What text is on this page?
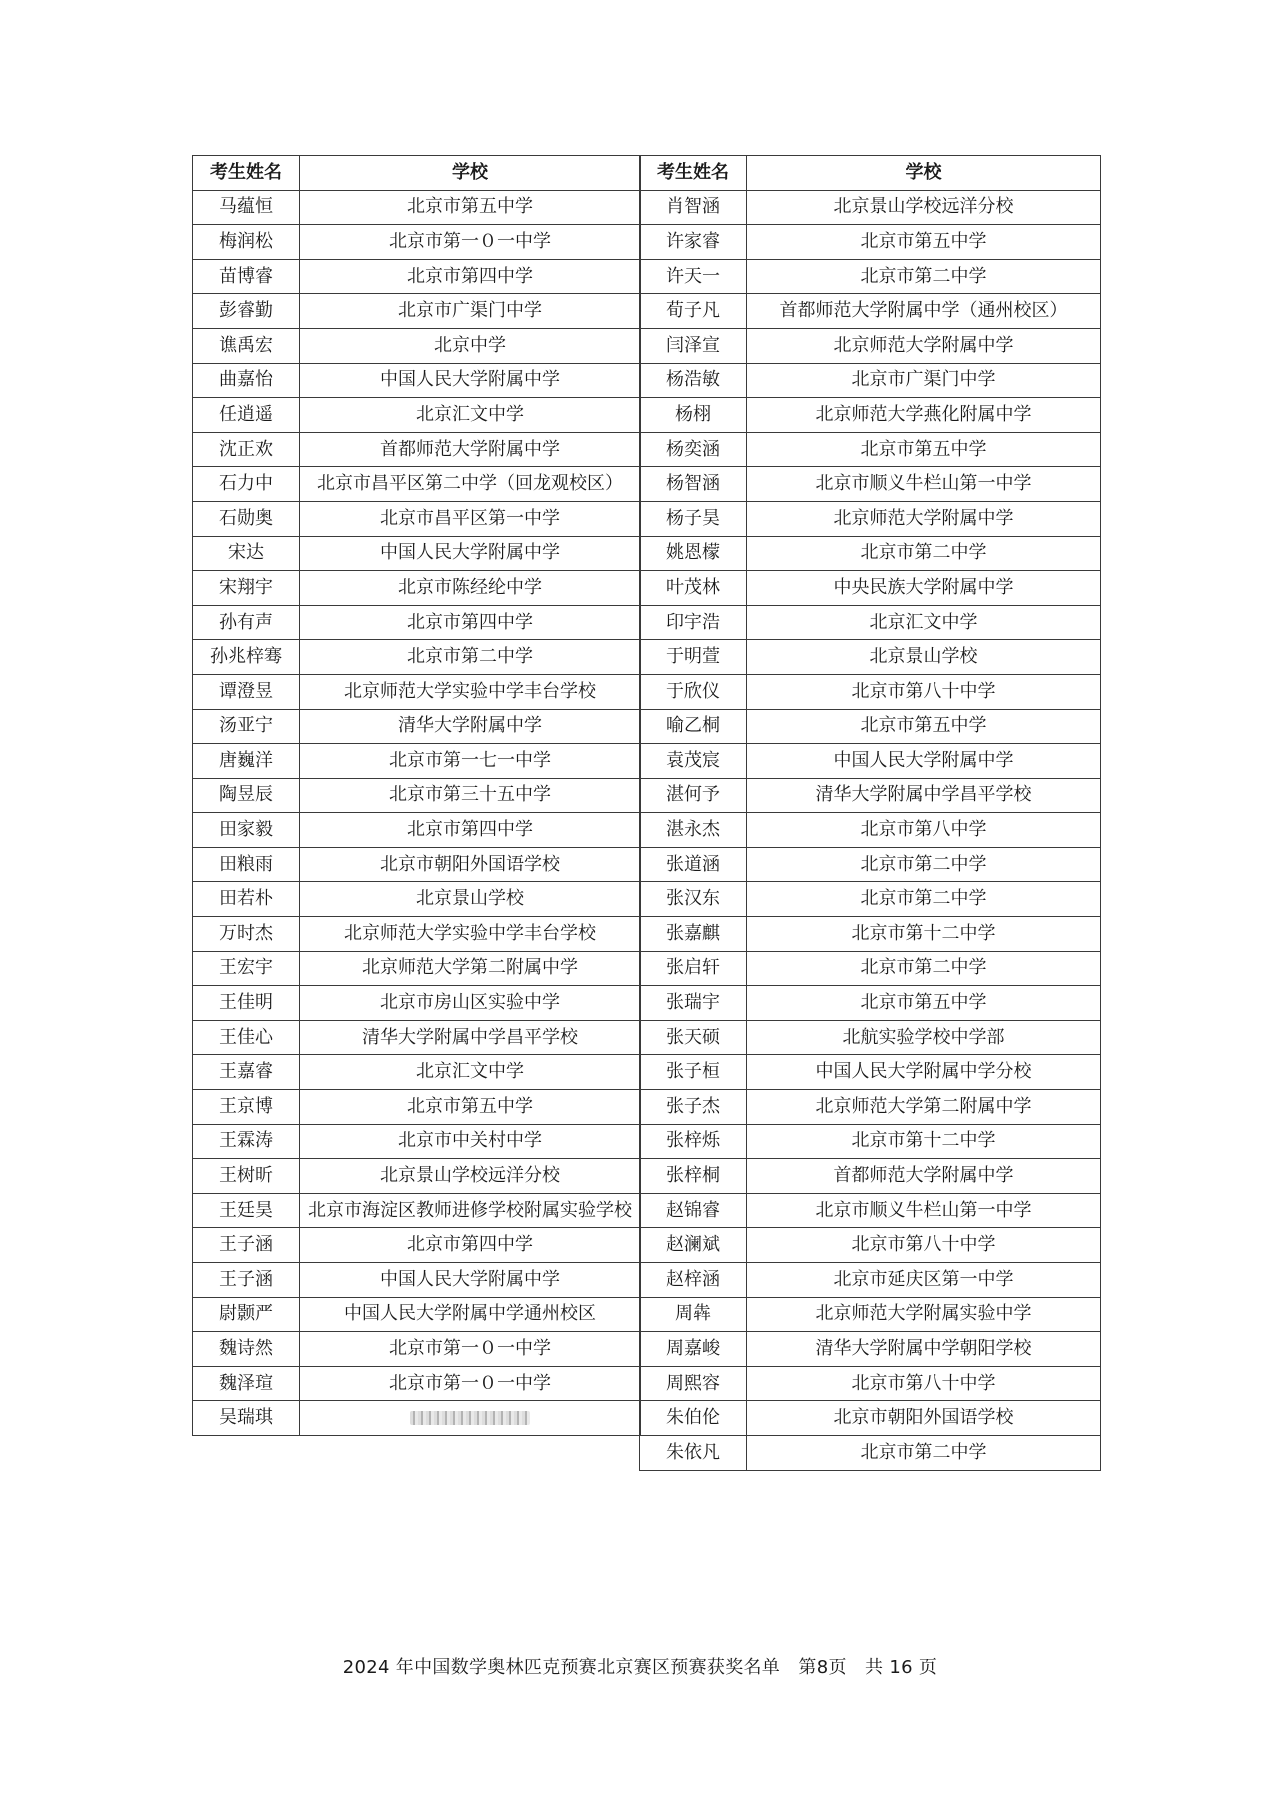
考生姓名	学校
马蕴恒	北京市第五中学
梅润松	北京市第一０一中学
苗博睿	北京市第四中学
彭睿勤	北京市广渠门中学
谯禹宏	北京中学
曲嘉怡	中国人民大学附属中学
任逍遥	北京汇文中学
沈正欢	首都师范大学附属中学
石力中	北京市昌平区第二中学（回龙观校区）
石勋奥	北京市昌平区第一中学
宋达	中国人民大学附属中学
宋翔宇	北京市陈经纶中学
孙有声	北京市第四中学
孙兆梓骞	北京市第二中学
谭澄昱	北京师范大学实验中学丰台学校
汤亚宁	清华大学附属中学
唐巍洋	北京市第一七一中学
陶昱辰	北京市第三十五中学
田家毅	北京市第四中学
田粮雨	北京市朝阳外国语学校
田若朴	北京景山学校
万时杰	北京师范大学实验中学丰台学校
王宏宇	北京师范大学第二附属中学
王佳明	北京市房山区实验中学
王佳心	清华大学附属中学昌平学校
王嘉睿	北京汇文中学
王京博	北京市第五中学
王霖涛	北京市中关村中学
王树昕	北京景山学校远洋分校
王廷昊	北京市海淀区教师进修学校附属实验学校

王子涵	北京市第四中学
王子涵	中国人民大学附属中学
尉颢严	中国人民大学附属中学通州校区
魏诗然	北京市第一０一中学
魏泽瑄	北京市第一０一中学
吴瑞琪	
考生姓名	学校
肖智涵	北京景山学校远洋分校
许家睿	北京市第五中学
许天一	北京市第二中学
荀子凡	首都师范大学附属中学（通州校区）
闫泽宣	北京师范大学附属中学
杨浩敏	北京市广渠门中学
杨栩	北京师范大学燕化附属中学
杨奕涵	北京市第五中学
杨智涵	北京市顺义牛栏山第一中学
杨子昊	北京师范大学附属中学
姚恩檬	北京市第二中学
叶茂林	中央民族大学附属中学
印宇浩	北京汇文中学
于明萱	北京景山学校
于欣仪	北京市第八十中学
喻乙桐	北京市第五中学
袁茂宸	中国人民大学附属中学
湛何予	清华大学附属中学昌平学校
湛永杰	北京市第八中学
张道涵	北京市第二中学
张汉东	北京市第二中学
张嘉麒	北京市第十二中学
张启轩	北京市第二中学
张瑞宇	北京市第五中学
张天硕	北航实验学校中学部
张子桓	中国人民大学附属中学分校
张子杰	北京师范大学第二附属中学
张梓烁	北京市第十二中学
张梓桐	首都师范大学附属中学
赵锦睿	北京市顺义牛栏山第一中学
赵澜斌	北京市第八十中学
赵梓涵	北京市延庆区第一中学
周犇	北京师范大学附属实验中学
周嘉峻	清华大学附属中学朝阳学校
周熙容	北京市第八十中学
朱伯伦	北京市朝阳外国语学校
朱依凡	北京市第二中学
2024 年中国数学奥林匹克预赛北京赛区预赛获奖名单　第8页　共 16 页
